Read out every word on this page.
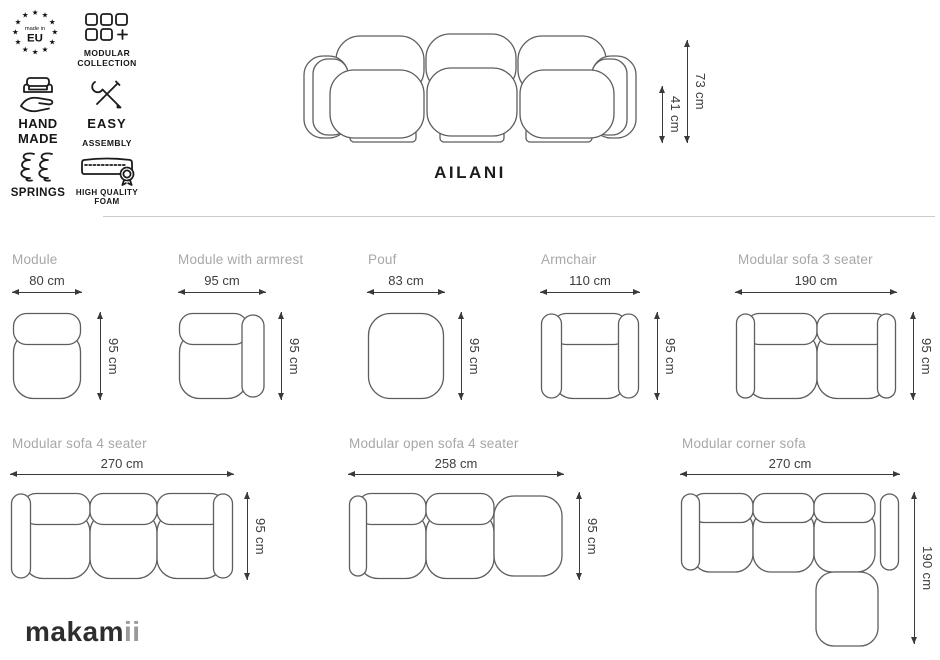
★ ★
★
★
★
★
★
★
★
★
★
★
made in
EU
MODULAR
COLLECTION
HAND
MADE
EASY
ASSEMBLY
SPRINGS HIGH QUALITY
FOAM
41 cm
73 cm
AILANI
Module
80 cm
95 cm
Module with armrest
95 cm
95 cm
Pouf
83 cm
95 cm
Armchair
110 cm
95 cm
Modular sofa 3 seater
190 cm
95 cm
Modular sofa 4 seater
270 cm
95 cm
Modular open sofa 4 seater
258 cm
95 cm
Modular corner sofa
270 cm
190 cm
makamii
